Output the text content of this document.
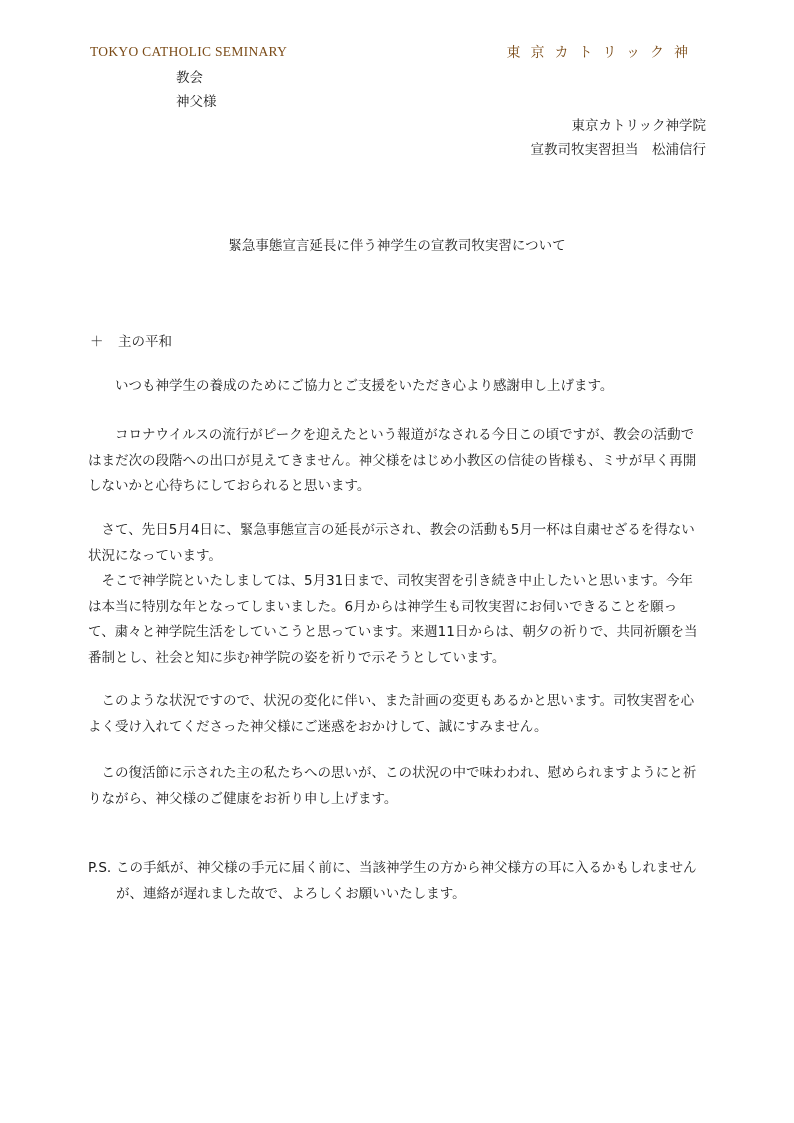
TOKYO CATHOLIC SEMINARY	東京カトリック神
教会
神父様
東京カトリック神学院
宣教司牧実習担当　松浦信行
緊急事態宣言延長に伴う神学生の宣教司牧実習について
＋ 主の平和
　　いつも神学生の養成のためにご協力とご支援をいただき心より感謝申し上げます。
　　コロナウイルスの流行がピークを迎えたという報道がなされる今日この頃ですが、教会の活動ではまだ次の段階への出口が見えてきません。神父様をはじめ小教区の信徒の皆様も、ミサが早く再開しないかと心待ちにしておられると思います。
　さて、先日5月4日に、緊急事態宣言の延長が示され、教会の活動も5月一杯は自粛せざるを得ない状況になっています。
　そこで神学院といたしましては、5月31日まで、司牧実習を引き続き中止したいと思います。今年は本当に特別な年となってしまいました。6月からは神学生も司牧実習にお伺いできることを願って、粛々と神学院生活をしていこうと思っています。来週11日からは、朝夕の祈りで、共同祈願を当番制とし、社会と知に歩む神学院の姿を祈りで示そうとしています。
　このような状況ですので、状況の変化に伴い、また計画の変更もあるかと思います。司牧実習を心よく受け入れてくださった神父様にご迷惑をおかけして、誠にすみません。
　この復活節に示された主の私たちへの思いが、この状況の中で味わわれ、慰められますようにと祈りながら、神父様のご健康をお祈り申し上げます。
P.S. この手紙が、神父様の手元に届く前に、当該神学生の方から神父様方の耳に入るかもしれませんが、連絡が遅れました故で、よろしくお願いいたします。
